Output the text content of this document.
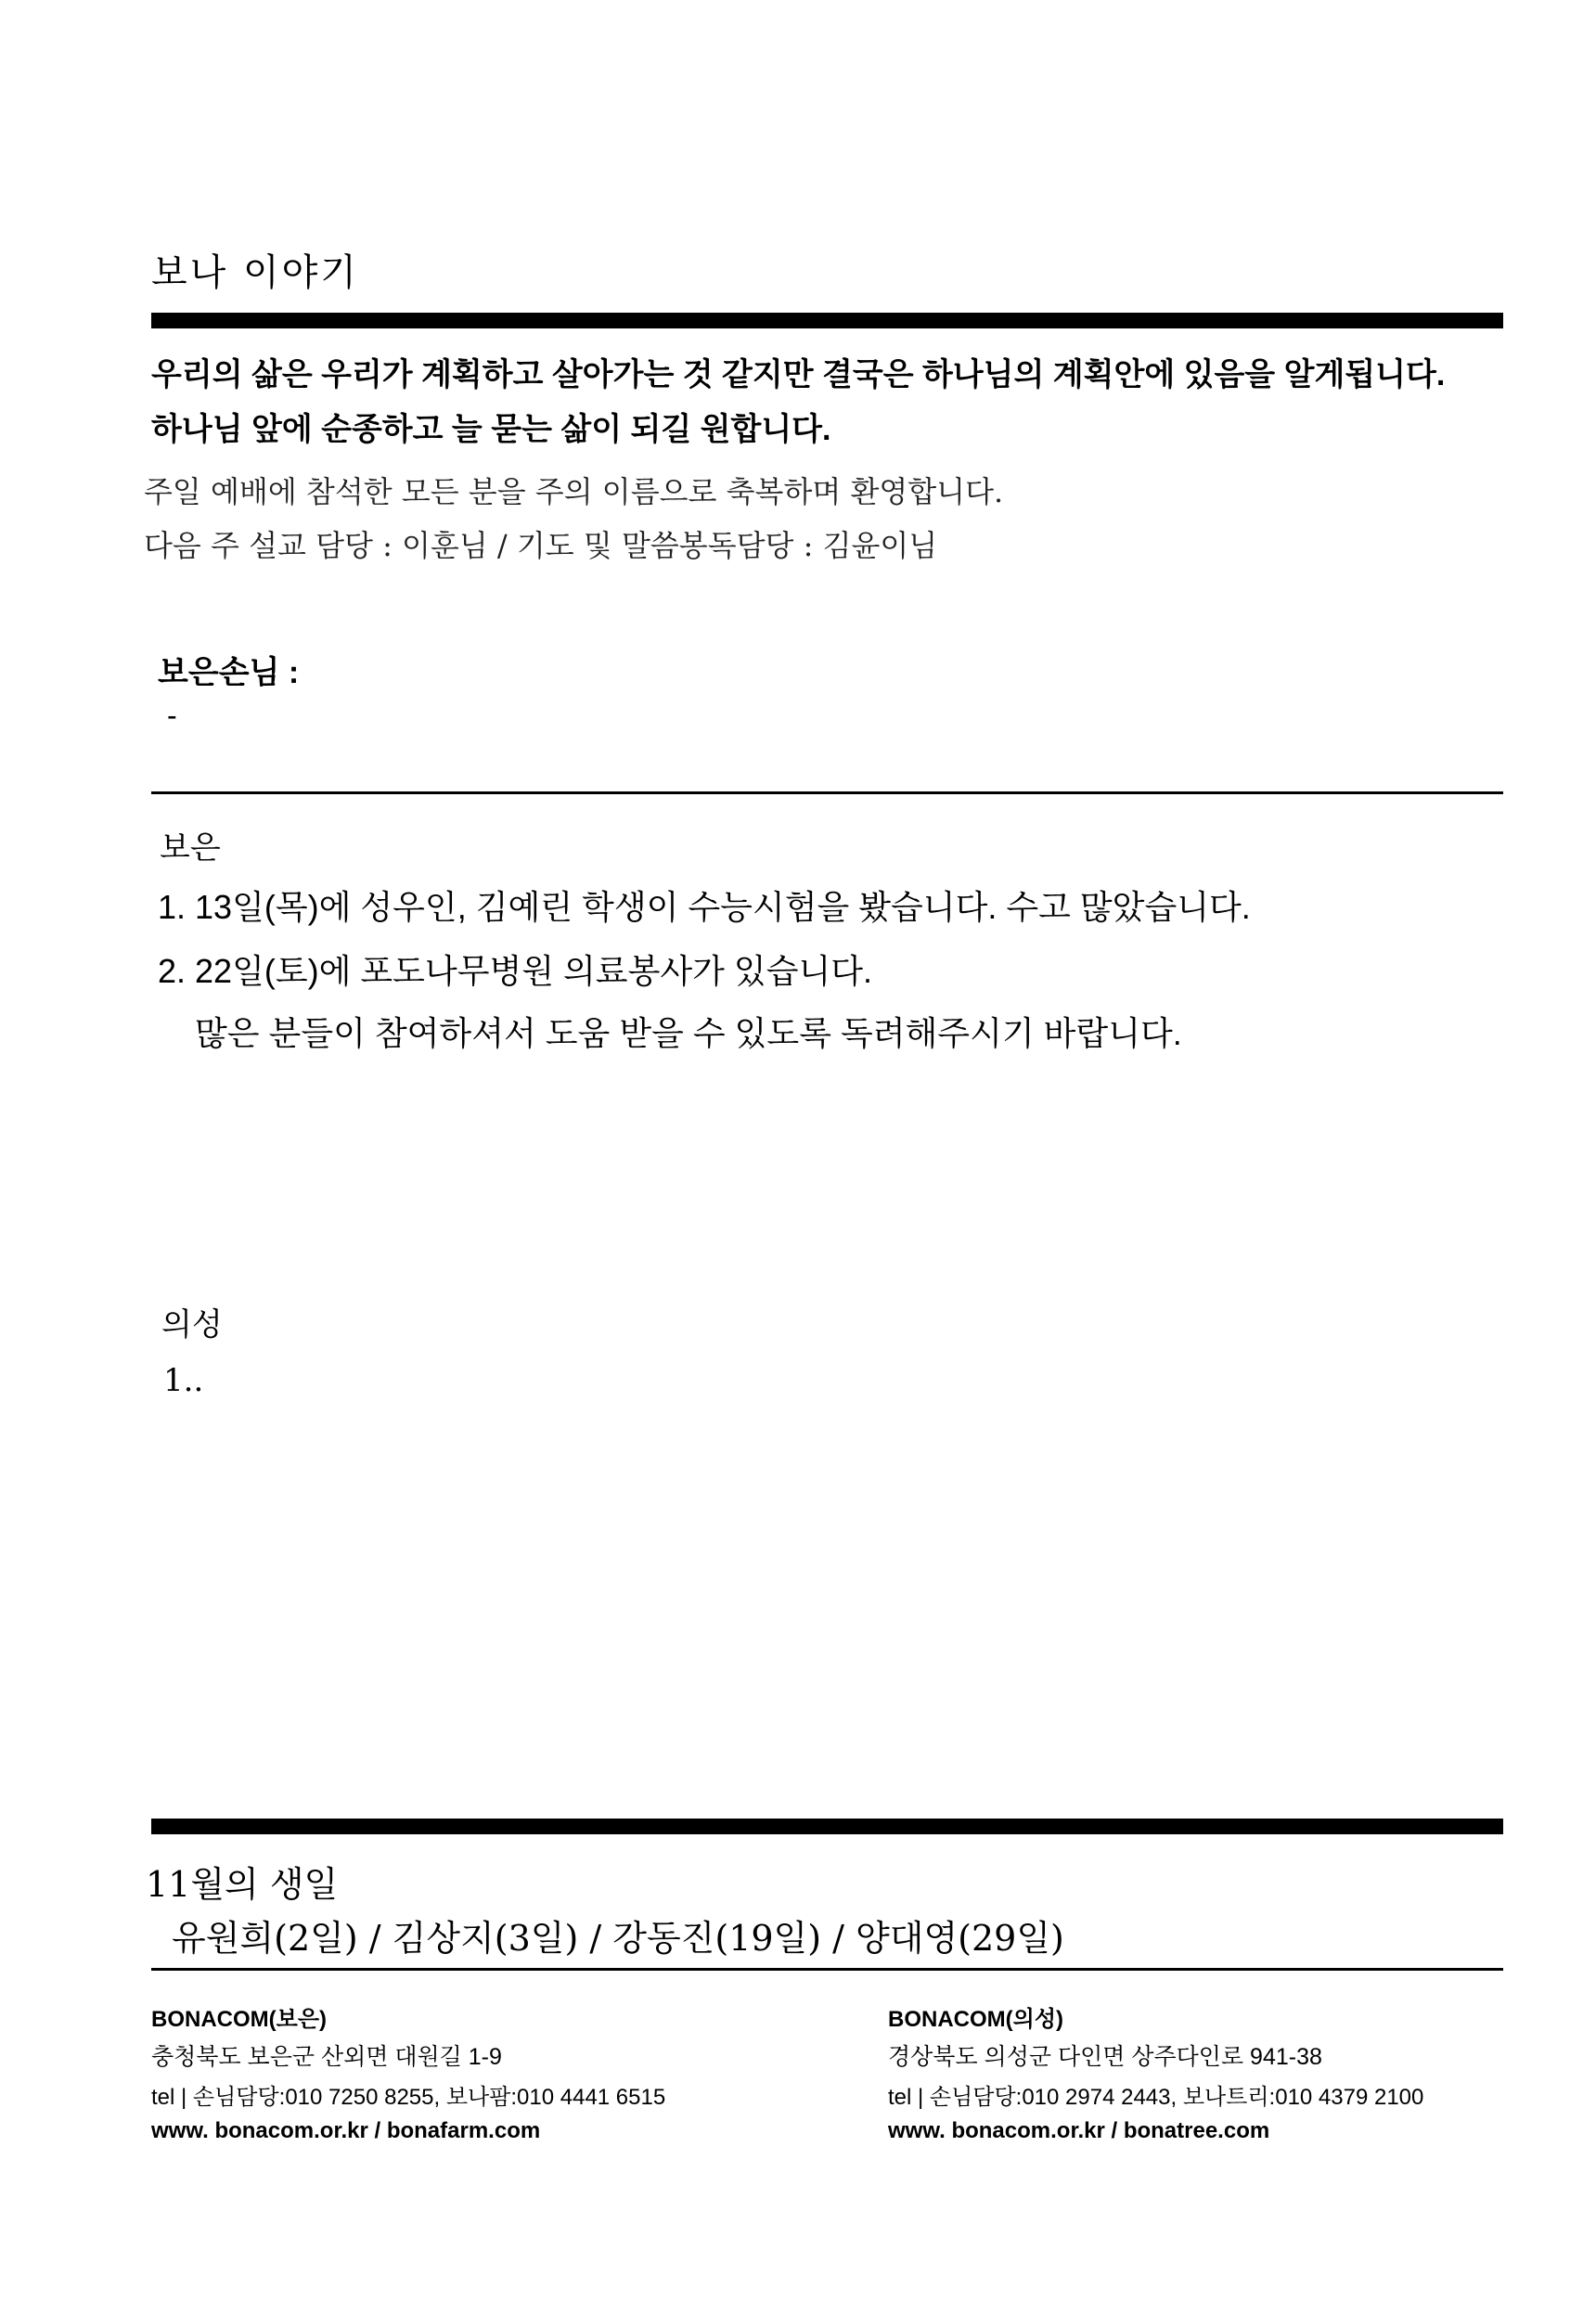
보나 이야기
우리의 삶은 우리가 계획하고 살아가는 것 같지만 결국은 하나님의 계획안에 있음을 알게됩니다.
하나님 앞에 순종하고 늘 묻는 삶이 되길 원합니다.
주일 예배에 참석한 모든 분을 주의 이름으로 축복하며 환영합니다.
다음 주 설교 담당 : 이훈님 / 기도 및 말씀봉독담당 : 김윤이님
보은손님 :
-
보은
1. 13일(목)에 성우인, 김예린 학생이 수능시험을 봤습니다. 수고 많았습니다.
2. 22일(토)에 포도나무병원 의료봉사가 있습니다.
많은 분들이 참여하셔서 도움 받을 수 있도록 독려해주시기 바랍니다.
의성
1..
11월의 생일
유원희(2일) / 김상지(3일) / 강동진(19일) / 양대영(29일)
BONACOM(보은)
충청북도 보은군 산외면 대원길 1-9
tel | 손님담당:010 7250 8255, 보나팜:010 4441 6515
www. bonacom.or.kr / bonafarm.com
BONACOM(의성)
경상북도 의성군 다인면 상주다인로 941-38
tel | 손님담당:010 2974 2443, 보나트리:010 4379 2100
www. bonacom.or.kr / bonatree.com
